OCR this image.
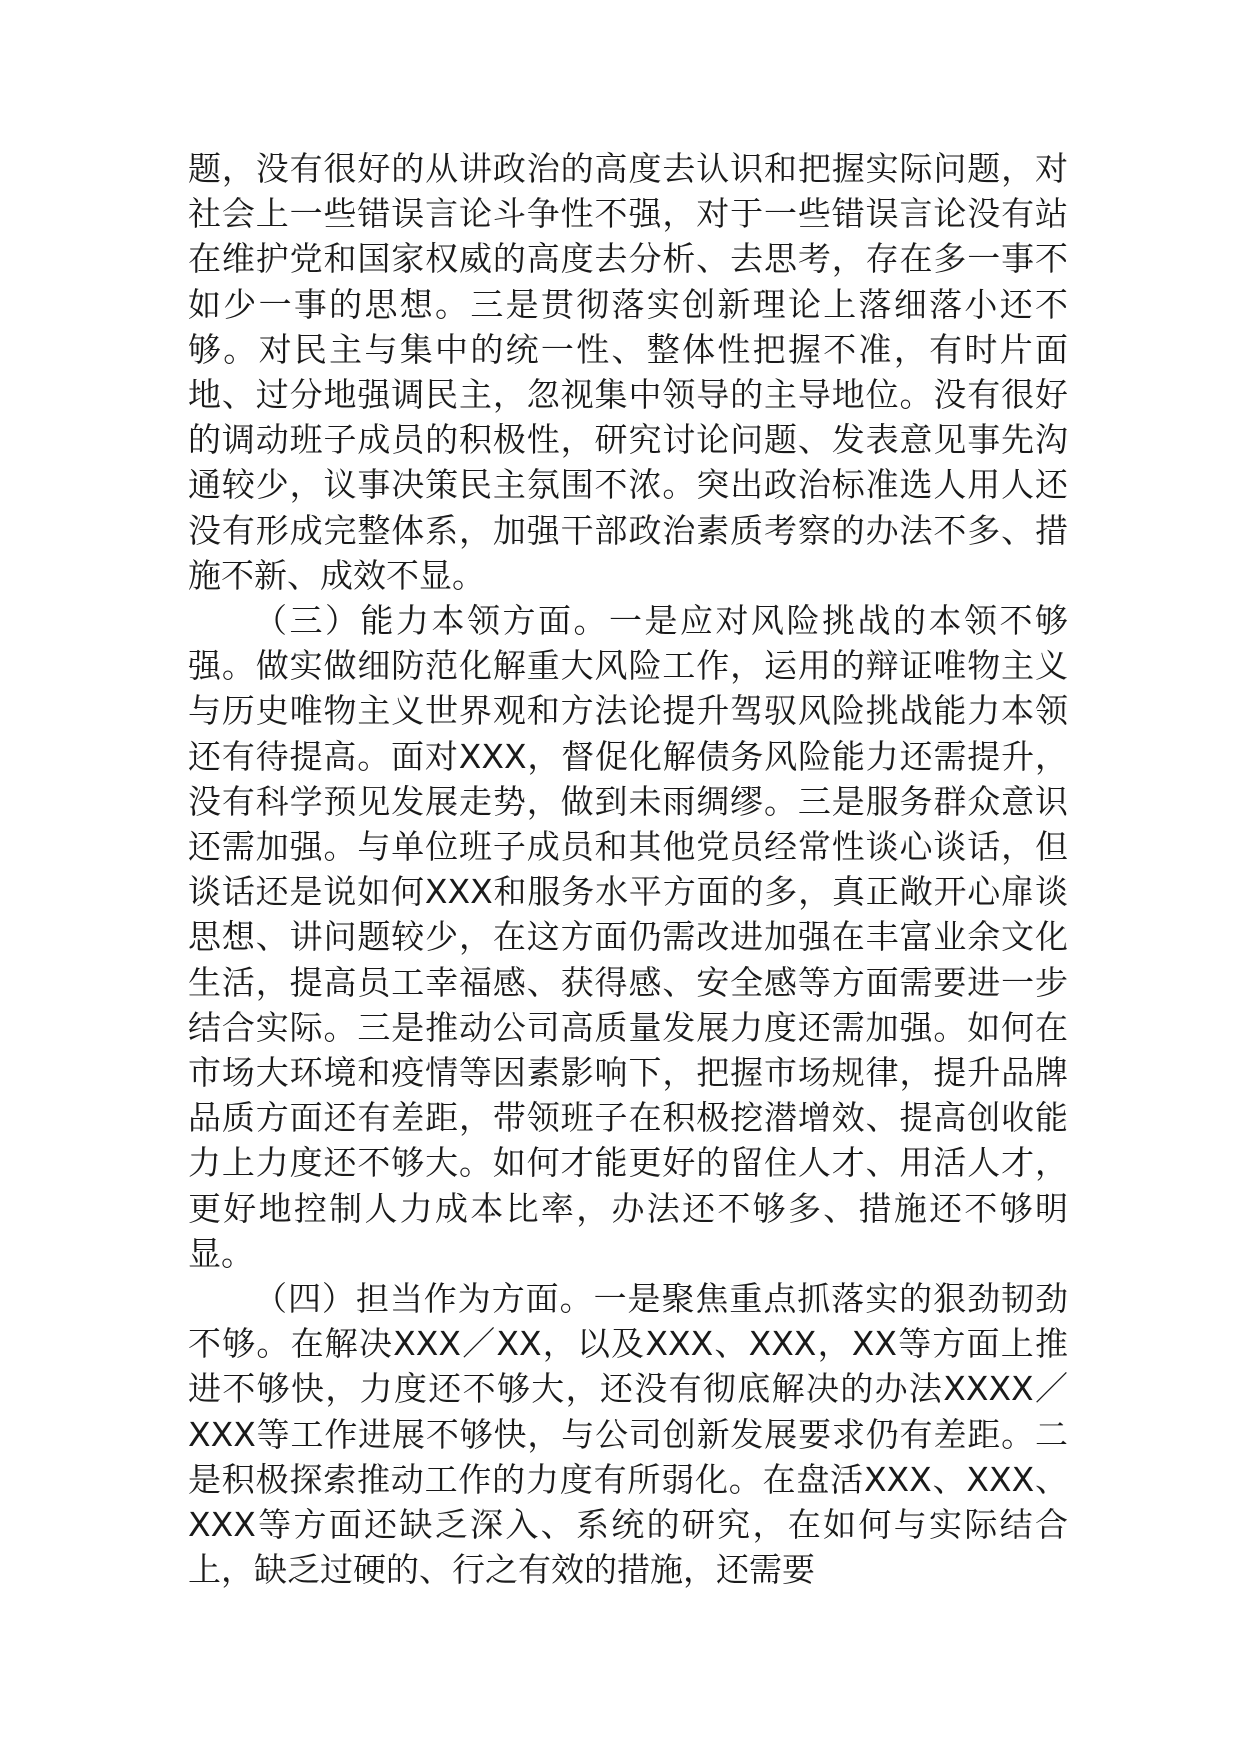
题，没有很好的从讲政治的高度去认识和把握实际问题，对社会上一些错误言论斗争性不强，对于一些错误言论没有站在维护党和国家权威的高度去分析、去思考，存在多一事不如少一事的思想。三是贯彻落实创新理论上落细落小还不够。对民主与集中的统一性、整体性把握不准，有时片面地、过分地强调民主，忽视集中领导的主导地位。没有很好的调动班子成员的积极性，研究讨论问题、发表意见事先沟通较少，议事决策民主氛围不浓。突出政治标准选人用人还没有形成完整体系，加强干部政治素质考察的办法不多、措施不新、成效不显。

（三）能力本领方面。一是应对风险挑战的本领不够强。做实做细防范化解重大风险工作，运用的辩证唯物主义与历史唯物主义世界观和方法论提升驾驭风险挑战能力本领还有待提高。面对XXX，督促化解债务风险能力还需提升，没有科学预见发展走势，做到未雨绸缪。三是服务群众意识还需加强。与单位班子成员和其他党员经常性谈心谈话，但谈话还是说如何XXX和服务水平方面的多，真正敞开心扉谈思想、讲问题较少，在这方面仍需改进加强在丰富业余文化生活，提高员工幸福感、获得感、安全感等方面需要进一步结合实际。三是推动公司高质量发展力度还需加强。如何在市场大环境和疫情等因素影响下，把握市场规律，提升品牌品质方面还有差距，带领班子在积极挖潜增效、提高创收能力上力度还不够大。如何才能更好的留住人才、用活人才，更好地控制人力成本比率，办法还不够多、措施还不够明显。

（四）担当作为方面。一是聚焦重点抓落实的狠劲韧劲不够。在解决XXX／XX，以及XXX、XXX，XX等方面上推进不够快，力度还不够大，还没有彻底解决的办法XXXX／XXX等工作进展不够快，与公司创新发展要求仍有差距。二是积极探索推动工作的力度有所弱化。在盘活XXX、XXX、XXX等方面还缺乏深入、系统的研究，在如何与实际结合上，缺乏过硬的、行之有效的措施，还需要
